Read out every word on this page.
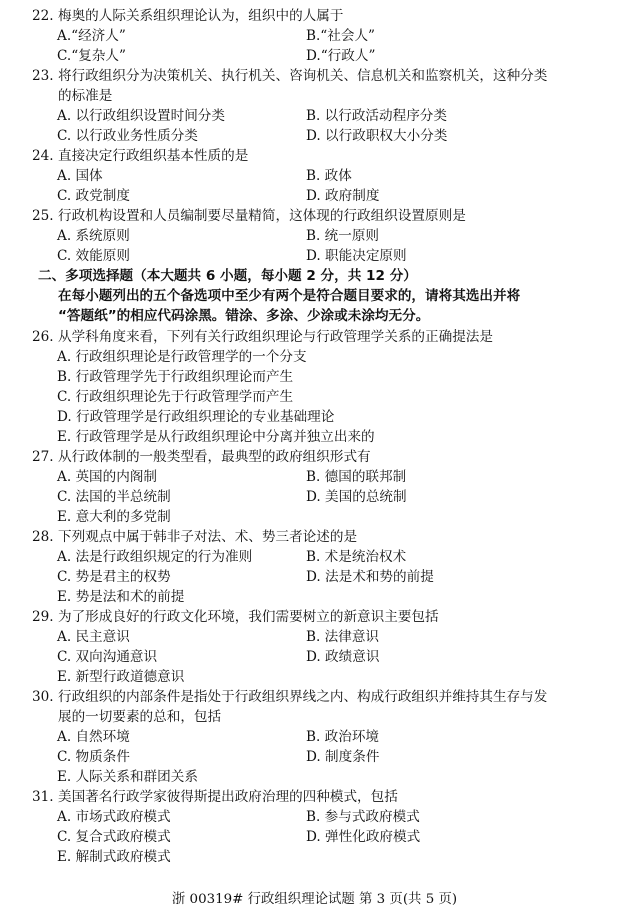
22. 梅奥的人际关系组织理论认为，组织中的人属于
A.“经济人”	B.“社会人”
C.“复杂人”	D.“行政人”
23. 将行政组织分为决策机关、执行机关、咨询机关、信息机关和监察机关，这种分类
的标准是
A. 以行政组织设置时间分类	B. 以行政活动程序分类
C. 以行政业务性质分类	D. 以行政职权大小分类
24. 直接决定行政组织基本性质的是
A. 国体	B. 政体
C. 政党制度	D. 政府制度
25. 行政机构设置和人员编制要尽量精简，这体现的行政组织设置原则是
A. 系统原则	B. 统一原则
C. 效能原则	D. 职能决定原则
二、多项选择题（本大题共 6 小题，每小题 2 分，共 12 分）
在每小题列出的五个备选项中至少有两个是符合题目要求的，请将其选出并将
“答题纸”的相应代码涂黑。错涂、多涂、少涂或未涂均无分。
26. 从学科角度来看，下列有关行政组织理论与行政管理学关系的正确提法是
A. 行政组织理论是行政管理学的一个分支
B. 行政管理学先于行政组织理论而产生
C. 行政组织理论先于行政管理学而产生
D. 行政管理学是行政组织理论的专业基础理论
E. 行政管理学是从行政组织理论中分离并独立出来的
27. 从行政体制的一般类型看，最典型的政府组织形式有
A. 英国的内阁制	B. 德国的联邦制
C. 法国的半总统制	D. 美国的总统制
E. 意大利的多党制
28. 下列观点中属于韩非子对法、术、势三者论述的是
A. 法是行政组织规定的行为准则	B. 术是统治权术
C. 势是君主的权势	D. 法是术和势的前提
E. 势是法和术的前提
29. 为了形成良好的行政文化环境，我们需要树立的新意识主要包括
A. 民主意识	B. 法律意识
C. 双向沟通意识	D. 政绩意识
E. 新型行政道德意识
30. 行政组织的内部条件是指处于行政组织界线之内、构成行政组织并维持其生存与发
展的一切要素的总和，包括
A. 自然环境	B. 政治环境
C. 物质条件	D. 制度条件
E. 人际关系和群团关系
31. 美国著名行政学家彼得斯提出政府治理的四种模式，包括
A. 市场式政府模式	B. 参与式政府模式
C. 复合式政府模式	D. 弹性化政府模式
E. 解制式政府模式
浙 00319# 行政组织理论试题 第 3 页(共 5 页)
